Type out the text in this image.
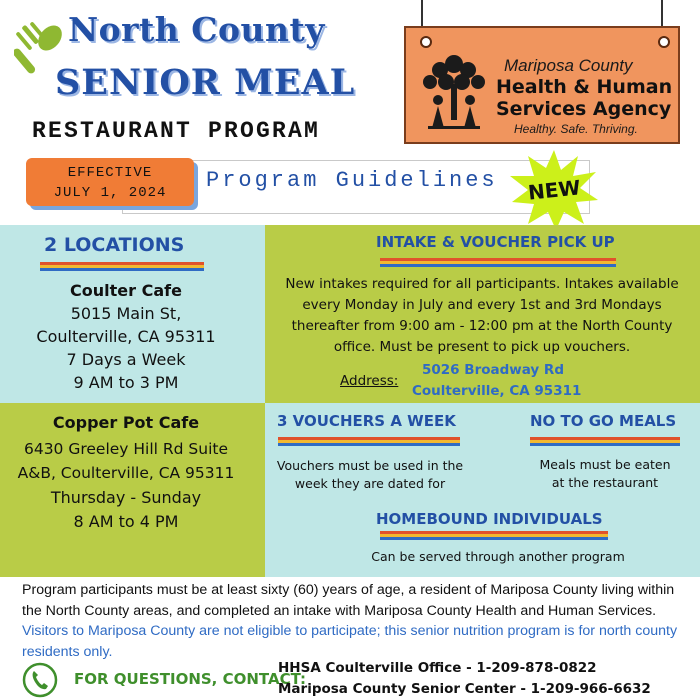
North County
SENIOR MEAL
RESTAURANT PROGRAM
Mariposa County
Health & Human
Services Agency
Healthy. Safe. Thriving.
EFFECTIVE
JULY 1, 2024	Program Guidelines NEW
2 LOCATIONS
Coulter Cafe
5015 Main St,
Coulterville, CA 95311
7 Days a Week
9 AM to 3 PM
INTAKE & VOUCHER PICK UP
New intakes required for all participants. Intakes available
every Monday in July and every 1st and 3rd Mondays
thereafter from 9:00 am - 12:00 pm at the North County
office. Must be present to pick up vouchers.
Address:
5026 Broadway Rd
Coulterville, CA 95311
Copper Pot Cafe
6430 Greeley Hill Rd Suite
A&B, Coulterville, CA 95311
Thursday - Sunday
8 AM to 4 PM
3 VOUCHERS A WEEK
Vouchers must be used in the
week they are dated for
NO TO GO MEALS
Meals must be eaten
at the restaurant
HOMEBOUND INDIVIDUALS
Can be served through another program
Program participants must be at least sixty (60) years of age, a resident of Mariposa County living within the North County areas, and completed an intake with Mariposa County Health and Human Services. Visitors to Mariposa County are not eligible to participate; this senior nutrition program is for north county residents only.
FOR QUESTIONS, CONTACT:
HHSA Coulterville Office - 1-209-878-0822
Mariposa County Senior Center - 1-209-966-6632
